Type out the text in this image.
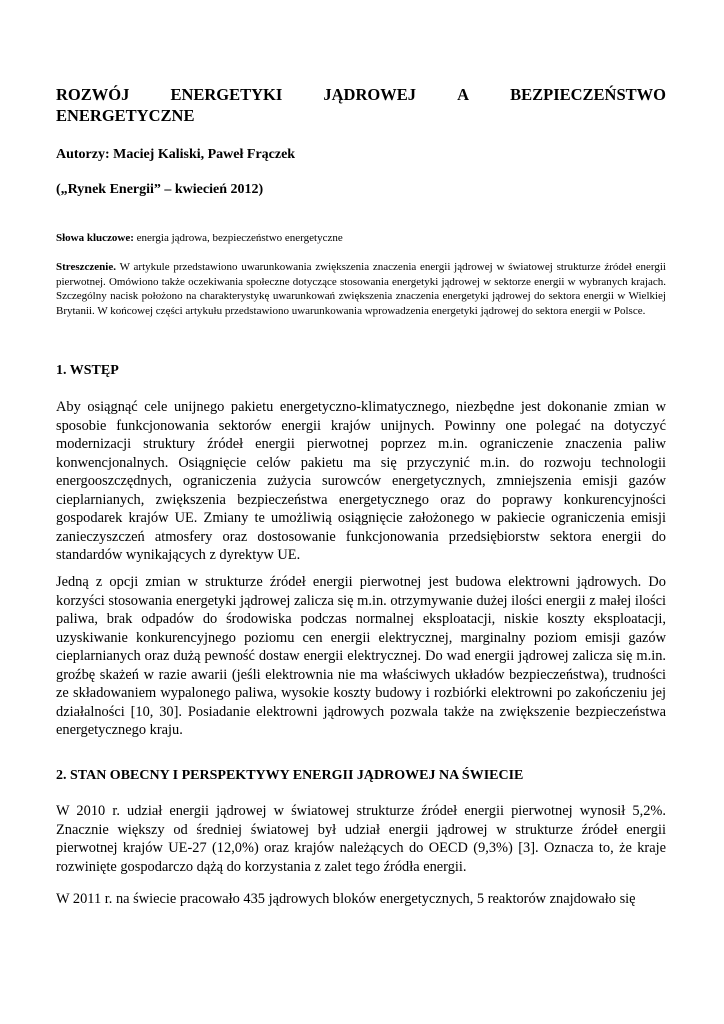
ROZWÓJ ENERGETYKI JĄDROWEJ A BEZPIECZEŃSTWO
ENERGETYCZNE

Autorzy: Maciej Kaliski, Paweł Frączek

(„Rynek Energii” – kwiecień 2012)

Słowa kluczowe: energia jądrowa, bezpieczeństwo energetyczne

Streszczenie. W artykule przedstawiono uwarunkowania zwiększenia znaczenia energii jądrowej w światowej strukturze źródeł energii pierwotnej. Omówiono także oczekiwania społeczne dotyczące stosowania energetyki jądrowej w sektorze energii w wybranych krajach. Szczególny nacisk położono na charakterystykę uwarunkowań zwiększenia znaczenia energetyki jądrowej do sektora energii w Wielkiej Brytanii. W końcowej części artykułu przedstawiono uwarunkowania wprowadzenia energetyki jądrowej do sektora energii w Polsce.

1. WSTĘP

Aby osiągnąć cele unijnego pakietu energetyczno-klimatycznego, niezbędne jest dokonanie zmian w sposobie funkcjonowania sektorów energii krajów unijnych. Powinny one polegać na dotyczyć modernizacji struktury źródeł energii pierwotnej poprzez m.in. ograniczenie znaczenia paliw konwencjonalnych. Osiągnięcie celów pakietu ma się przyczynić m.in. do rozwoju technologii energooszczędnych, ograniczenia zużycia surowców energetycznych, zmniejszenia emisji gazów cieplarnianych, zwiększenia bezpieczeństwa energetycznego oraz do poprawy konkurencyjności gospodarek krajów UE. Zmiany te umożliwią osiągnięcie założonego w pakiecie ograniczenia emisji zanieczyszczeń atmosfery oraz dostosowanie funkcjonowania przedsiębiorstw sektora energii do standardów wynikających z dyrektyw UE.

Jedną z opcji zmian w strukturze źródeł energii pierwotnej jest budowa elektrowni jądrowych. Do korzyści stosowania energetyki jądrowej zalicza się m.in. otrzymywanie dużej ilości energii z małej ilości paliwa, brak odpadów do środowiska podczas normalnej eksploatacji, niskie koszty eksploatacji, uzyskiwanie konkurencyjnego poziomu cen energii elektrycznej, marginalny poziom emisji gazów cieplarnianych oraz dużą pewność dostaw energii elektrycznej. Do wad energii jądrowej zalicza się m.in. groźbę skażeń w razie awarii (jeśli elektrownia nie ma właściwych układów bezpieczeństwa), trudności ze składowaniem wypalonego paliwa, wysokie koszty budowy i rozbiórki elektrowni po zakończeniu jej działalności [10, 30]. Posiadanie elektrowni jądrowych pozwala także na zwiększenie bezpieczeństwa energetycznego kraju.

2. STAN OBECNY I PERSPEKTYWY ENERGII JĄDROWEJ NA ŚWIECIE

W 2010 r. udział energii jądrowej w światowej strukturze źródeł energii pierwotnej wynosił 5,2%. Znacznie większy od średniej światowej był udział energii jądrowej w strukturze źródeł energii pierwotnej krajów UE-27 (12,0%) oraz krajów należących do OECD (9,3%) [3]. Oznacza to, że kraje rozwinięte gospodarczo dążą do korzystania z zalet tego źródła energii.

W 2011 r. na świecie pracowało 435 jądrowych bloków energetycznych, 5 reaktorów znajdowało się
